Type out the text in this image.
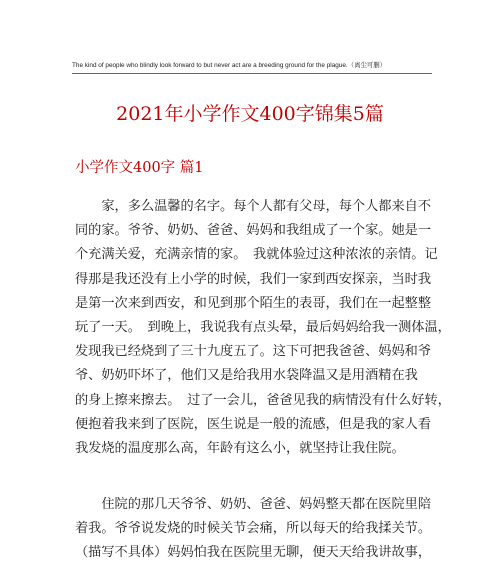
The kind of people who blindly look forward to but never act are a breeding ground for the plague.（离尘可删）
2021年小学作文400字锦集5篇
小学作文400字 篇1
　　家，多么温馨的名字。每个人都有父母，每个人都来自不
同的家。爷爷、奶奶、爸爸、妈妈和我组成了一个家。她是一
个充满关爱，充满亲情的家。　我就体验过这种浓浓的亲情。记
得那是我还没有上小学的时候，我们一家到西安探亲，当时我
是第一次来到西安，和见到那个陌生的表哥，我们在一起整整
玩了一天。　到晚上，我说我有点头晕，最后妈妈给我一测体温，
发现我已经烧到了三十九度五了。这下可把我爸爸、妈妈和爷
爷、奶奶吓坏了，他们又是给我用水袋降温又是用酒精在我
的身上擦来擦去。　过了一会儿，爸爸见我的病情没有什么好转，
便抱着我来到了医院，医生说是一般的流感，但是我的家人看
我发烧的温度那么高，年龄有这么小，就坚持让我住院。
　　住院的那几天爷爷、奶奶、爸爸、妈妈整天都在医院里陪
着我。爷爷说发烧的时候关节会痛，所以每天的给我揉关节。
（描写不具体）妈妈怕我在医院里无聊，便天天给我讲故事，
